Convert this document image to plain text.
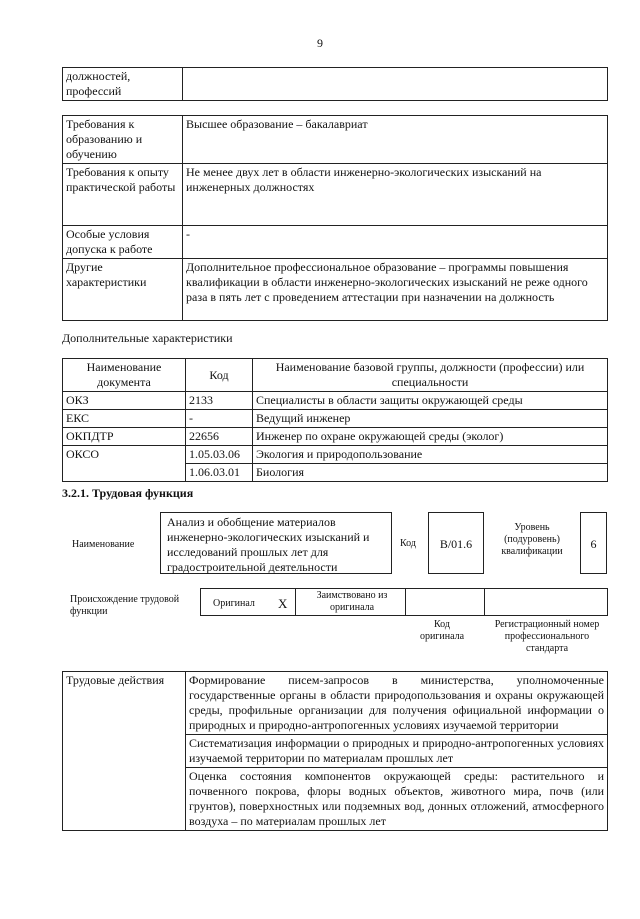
9
должностей, профессий	
Требования к образованию и обучению	Высшее образование – бакалавриат
Требования к опыту практической работы	Не менее двух лет в области инженерно-экологических изысканий на инженерных должностях
Особые условия допуска к работе	-
Другие характеристики	Дополнительное профессиональное образование – программы повышения квалификации в области инженерно-экологических изысканий не реже одного раза в пять лет с проведением аттестации при назначении на должность
Дополнительные характеристики
Наименование документа	Код	Наименование базовой группы, должности (профессии) или специальности
ОКЗ	2133	Специалисты в области защиты окружающей среды
ЕКС	-	Ведущий инженер
ОКПДТР	22656	Инженер по охране окружающей среды (эколог)
ОКСО	1.05.03.06	Экология и природопользование
	1.06.03.01	Биология
3.2.1. Трудовая функция
Наименование
Анализ и обобщение материалов инженерно-экологических изысканий и исследований прошлых лет для градостроительной деятельности
Код	B/01.6
Уровень (подуровень) квалификации
6
Происхождение трудовой функции
Оригинал X
Заимствовано из оригинала
Код оригинала
Регистрационный номер профессионального стандарта
Трудовые действия	Формирование писем-запросов в министерства, уполномоченные государственные органы в области природопользования и охраны окружающей среды, профильные организации для получения официальной информации о природных и природно-антропогенных условиях изучаемой территории
Систематизация информации о природных и природно-антропогенных условиях изучаемой территории по материалам прошлых лет
Оценка состояния компонентов окружающей среды: растительного и почвенного покрова, флоры водных объектов, животного мира, почв (или грунтов), поверхностных или подземных вод, донных отложений, атмосферного воздуха – по материалам прошлых лет
